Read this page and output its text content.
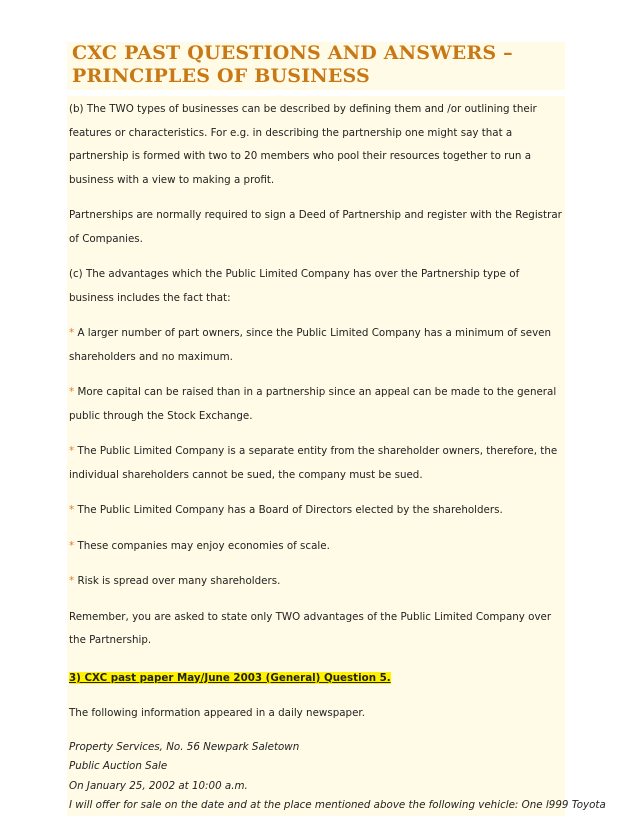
CXC PAST QUESTIONS AND ANSWERS – PRINCIPLES OF BUSINESS

(b) The TWO types of businesses can be described by defining them and /or outlining their features or characteristics. For e.g. in describing the partnership one might say that a partnership is formed with two to 20 members who pool their resources together to run a business with a view to making a profit.

Partnerships are normally required to sign a Deed of Partnership and register with the Registrar of Companies.

(c) The advantages which the Public Limited Company has over the Partnership type of business includes the fact that:

* A larger number of part owners, since the Public Limited Company has a minimum of seven shareholders and no maximum.

* More capital can be raised than in a partnership since an appeal can be made to the general public through the Stock Exchange.

* The Public Limited Company is a separate entity from the shareholder owners, therefore, the individual shareholders cannot be sued, the company must be sued.

* The Public Limited Company has a Board of Directors elected by the shareholders.

* These companies may enjoy economies of scale.

* Risk is spread over many shareholders.

Remember, you are asked to state only TWO advantages of the Public Limited Company over the Partnership.

3) CXC past paper May/June 2003 (General) Question 5.

The following information appeared in a daily newspaper.

Property Services, No. 56 Newpark Saletown

Public Auction Sale

On January 25, 2002 at 10:00 a.m.

I will offer for sale on the date and at the place mentioned above the following vehicle: One l999 Toyota
